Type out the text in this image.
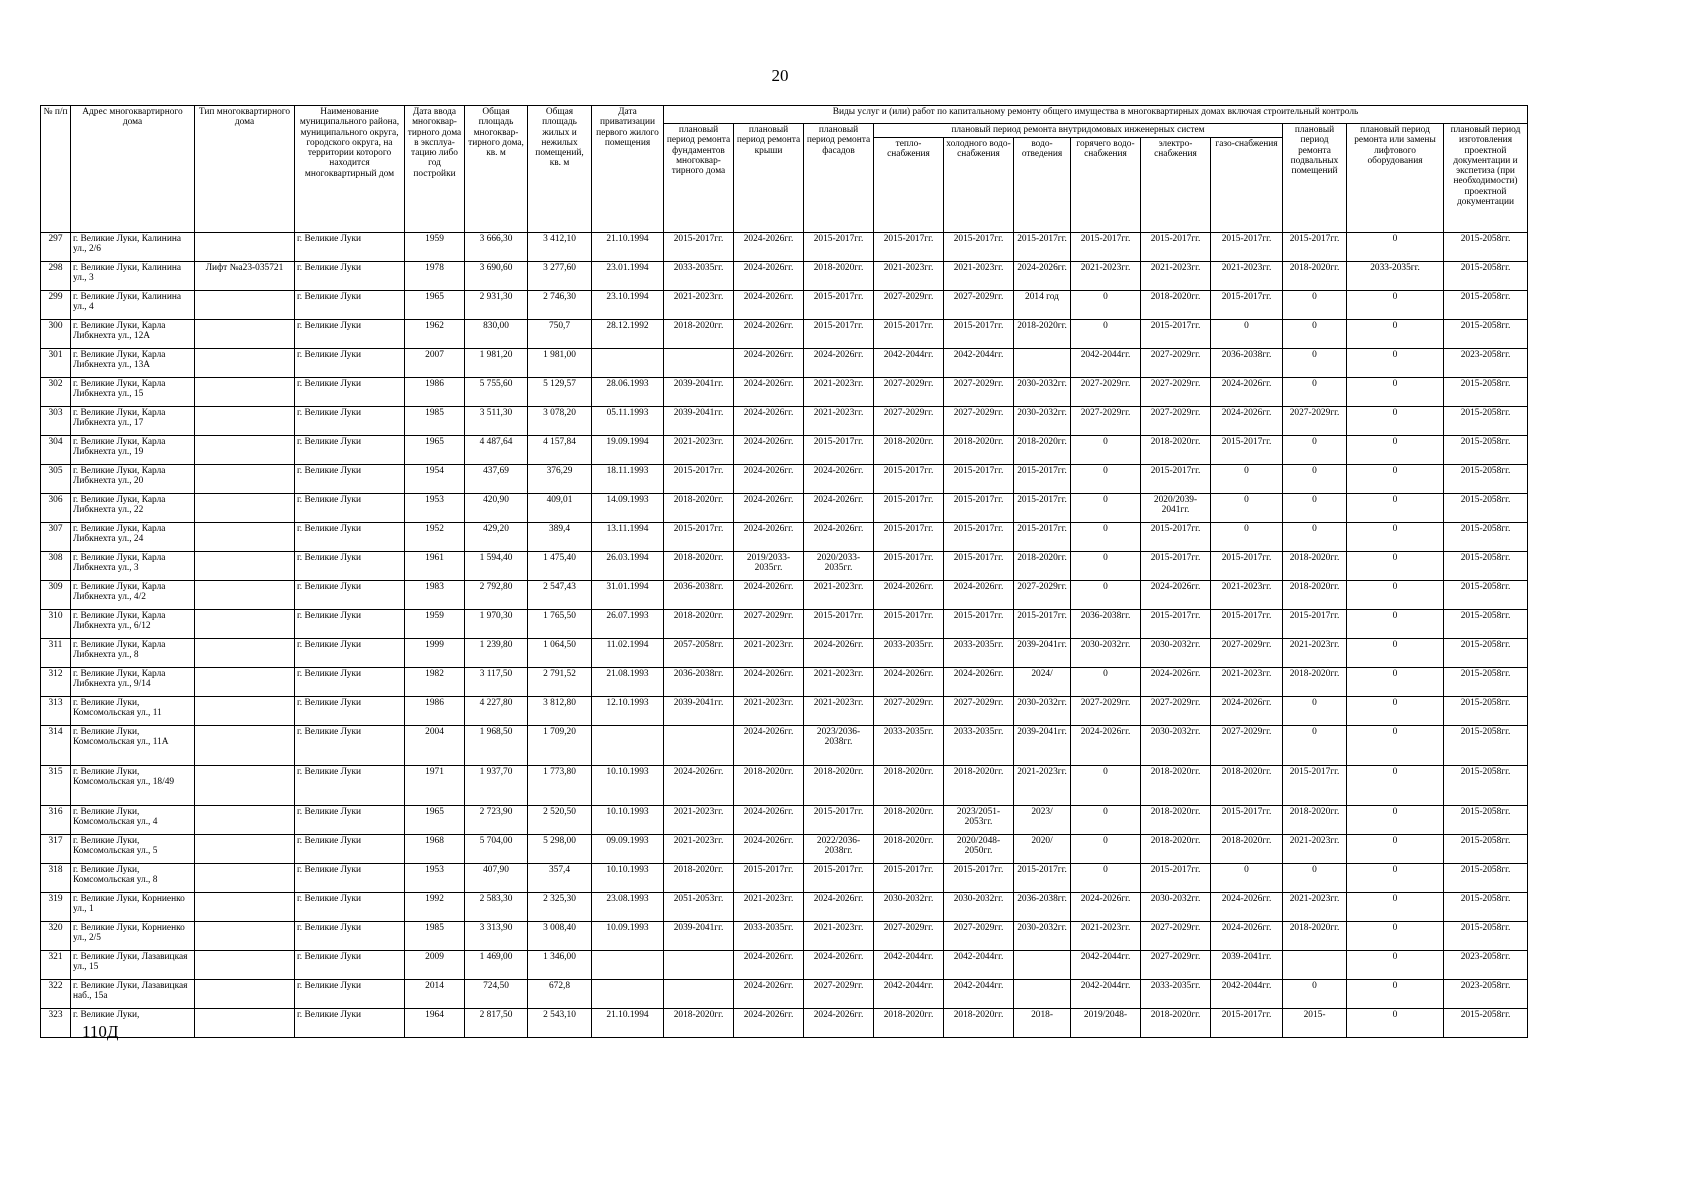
20
№ п/п	Адрес многоквартирного дома	Тип многоквартирного дома	Наименование муниципального района, муниципального округа, городского округа, на территории которого находится многоквартирный дом	Дата ввода многоквар-тирного дома в эксплуа-тацию либо год постройки	Общая площадь многоквар-тирного дома, кв. м	Общая площадь жилых и нежилых помещений, кв. м	Дата приватизации первого жилого помещения	Виды услуг и (или) работ по капитальному ремонту общего имущества в многоквартирных домах включая строительный контроль											
								плановый период ремонта фундаментов многоквар-тирного дома	плановый период ремонта крыши	плановый период ремонта фасадов	плановый период ремонта внутридомовых инженерных систем						плановый период ремонта подвальных помещений	плановый период ремонта или замены лифтового оборудования	плановый период изготовления проектной документации и экспетиза (при необходимости) проектной документации
											тепло-снабжения	холодного водо-снабжения	водо-отведения	горячего водо-снабжения	электро-снабжения	газо-снабжения			
297	г. Великие Луки, Калинина ул., 2/6		г. Великие Луки	1959	3 666,30	3 412,10	21.10.1994	2015-2017гг.	2024-2026гг.	2015-2017гг.	2015-2017гг.	2015-2017гг.	2015-2017гг.	2015-2017гг.	2015-2017гг.	2015-2017гг.	2015-2017гг.	0	2015-2058гг.
298	г. Великие Луки, Калинина ул., 3	Лифт №а23-035721	г. Великие Луки	1978	3 690,60	3 277,60	23.01.1994	2033-2035гг.	2024-2026гг.	2018-2020гг.	2021-2023гг.	2021-2023гг.	2024-2026гг.	2021-2023гг.	2021-2023гг.	2021-2023гг.	2018-2020гг.	2033-2035гг.	2015-2058гг.
299	г. Великие Луки, Калинина ул., 4		г. Великие Луки	1965	2 931,30	2 746,30	23.10.1994	2021-2023гг.	2024-2026гг.	2015-2017гг.	2027-2029гг.	2027-2029гг.	2014 год	0	2018-2020гг.	2015-2017гг.	0	0	2015-2058гг.
300	г. Великие Луки, Карла Либкнехта ул., 12А		г. Великие Луки	1962	830,00	750,7	28.12.1992	2018-2020гг.	2024-2026гг.	2015-2017гг.	2015-2017гг.	2015-2017гг.	2018-2020гг.	0	2015-2017гг.	0	0	0	2015-2058гг.
301	г. Великие Луки, Карла Либкнехта ул., 13А		г. Великие Луки	2007	1 981,20	1 981,00			2024-2026гг.	2024-2026гг.	2042-2044гг.	2042-2044гг.		2042-2044гг.	2027-2029гг.	2036-2038гг.	0	0	2023-2058гг.
302	г. Великие Луки, Карла Либкнехта ул., 15		г. Великие Луки	1986	5 755,60	5 129,57	28.06.1993	2039-2041гг.	2024-2026гг.	2021-2023гг.	2027-2029гг.	2027-2029гг.	2030-2032гг.	2027-2029гг.	2027-2029гг.	2024-2026гг.	0	0	2015-2058гг.
303	г. Великие Луки, Карла Либкнехта ул., 17		г. Великие Луки	1985	3 511,30	3 078,20	05.11.1993	2039-2041гг.	2024-2026гг.	2021-2023гг.	2027-2029гг.	2027-2029гг.	2030-2032гг.	2027-2029гг.	2027-2029гг.	2024-2026гг.	2027-2029гг.	0	2015-2058гг.
304	г. Великие Луки, Карла Либкнехта ул., 19		г. Великие Луки	1965	4 487,64	4 157,84	19.09.1994	2021-2023гг.	2024-2026гг.	2015-2017гг.	2018-2020гг.	2018-2020гг.	2018-2020гг.	0	2018-2020гг.	2015-2017гг.	0	0	2015-2058гг.
305	г. Великие Луки, Карла Либкнехта ул., 20		г. Великие Луки	1954	437,69	376,29	18.11.1993	2015-2017гг.	2024-2026гг.	2024-2026гг.	2015-2017гг.	2015-2017гг.	2015-2017гг.	0	2015-2017гг.	0	0	0	2015-2058гг.
306	г. Великие Луки, Карла Либкнехта ул., 22		г. Великие Луки	1953	420,90	409,01	14.09.1993	2018-2020гг.	2024-2026гг.	2024-2026гг.	2015-2017гг.	2015-2017гг.	2015-2017гг.	0	2020/2039-2041гг.	0	0	0	2015-2058гг.
307	г. Великие Луки, Карла Либкнехта ул., 24		г. Великие Луки	1952	429,20	389,4	13.11.1994	2015-2017гг.	2024-2026гг.	2024-2026гг.	2015-2017гг.	2015-2017гг.	2015-2017гг.	0	2015-2017гг.	0	0	0	2015-2058гг.
308	г. Великие Луки, Карла Либкнехта ул., 3		г. Великие Луки	1961	1 594,40	1 475,40	26.03.1994	2018-2020гг.	2019/2033-2035гг.	2020/2033-2035гг.	2015-2017гг.	2015-2017гг.	2018-2020гг.	0	2015-2017гг.	2015-2017гг.	2018-2020гг.	0	2015-2058гг.
309	г. Великие Луки, Карла Либкнехта ул., 4/2		г. Великие Луки	1983	2 792,80	2 547,43	31.01.1994	2036-2038гг.	2024-2026гг.	2021-2023гг.	2024-2026гг.	2024-2026гг.	2027-2029гг.	0	2024-2026гг.	2021-2023гг.	2018-2020гг.	0	2015-2058гг.
310	г. Великие Луки, Карла Либкнехта ул., 6/12		г. Великие Луки	1959	1 970,30	1 765,50	26.07.1993	2018-2020гг.	2027-2029гг.	2015-2017гг.	2015-2017гг.	2015-2017гг.	2015-2017гг.	2036-2038гг.	2015-2017гг.	2015-2017гг.	2015-2017гг.	0	2015-2058гг.
311	г. Великие Луки, Карла Либкнехта ул., 8		г. Великие Луки	1999	1 239,80	1 064,50	11.02.1994	2057-2058гг.	2021-2023гг.	2024-2026гг.	2033-2035гг.	2033-2035гг.	2039-2041гг.	2030-2032гг.	2030-2032гг.	2027-2029гг.	2021-2023гг.	0	2015-2058гг.
312	г. Великие Луки, Карла Либкнехта ул., 9/14		г. Великие Луки	1982	3 117,50	2 791,52	21.08.1993	2036-2038гг.	2024-2026гг.	2021-2023гг.	2024-2026гг.	2024-2026гг.	2024/	0	2024-2026гг.	2021-2023гг.	2018-2020гг.	0	2015-2058гг.
313	г. Великие Луки, Комсомольская ул., 11		г. Великие Луки	1986	4 227,80	3 812,80	12.10.1993	2039-2041гг.	2021-2023гг.	2021-2023гг.	2027-2029гг.	2027-2029гг.	2030-2032гг.	2027-2029гг.	2027-2029гг.	2024-2026гг.	0	0	2015-2058гг.
314	г. Великие Луки, Комсомольская ул., 11А		г. Великие Луки	2004	1 968,50	1 709,20			2024-2026гг.	2023/2036-2038гг.	2033-2035гг.	2033-2035гг.	2039-2041гг.	2024-2026гг.	2030-2032гг.	2027-2029гг.	0	0	2015-2058гг.
315	г. Великие Луки, Комсомольская ул., 18/49		г. Великие Луки	1971	1 937,70	1 773,80	10.10.1993	2024-2026гг.	2018-2020гг.	2018-2020гг.	2018-2020гг.	2018-2020гг.	2021-2023гг.	0	2018-2020гг.	2018-2020гг.	2015-2017гг.	0	2015-2058гг.
316	г. Великие Луки, Комсомольская ул., 4		г. Великие Луки	1965	2 723,90	2 520,50	10.10.1993	2021-2023гг.	2024-2026гг.	2015-2017гг.	2018-2020гг.	2023/2051-2053гг.	2023/	0	2018-2020гг.	2015-2017гг.	2018-2020гг.	0	2015-2058гг.
317	г. Великие Луки, Комсомольская ул., 5		г. Великие Луки	1968	5 704,00	5 298,00	09.09.1993	2021-2023гг.	2024-2026гг.	2022/2036-2038гг.	2018-2020гг.	2020/2048-2050гг.	2020/	0	2018-2020гг.	2018-2020гг.	2021-2023гг.	0	2015-2058гг.
318	г. Великие Луки, Комсомольская ул., 8		г. Великие Луки	1953	407,90	357,4	10.10.1993	2018-2020гг.	2015-2017гг.	2015-2017гг.	2015-2017гг.	2015-2017гг.	2015-2017гг.	0	2015-2017гг.	0	0	0	2015-2058гг.
319	г. Великие Луки, Корниенко ул., 1		г. Великие Луки	1992	2 583,30	2 325,30	23.08.1993	2051-2053гг.	2021-2023гг.	2024-2026гг.	2030-2032гг.	2030-2032гг.	2036-2038гг.	2024-2026гг.	2030-2032гг.	2024-2026гг.	2021-2023гг.	0	2015-2058гг.
320	г. Великие Луки, Корниенко ул., 2/5		г. Великие Луки	1985	3 313,90	3 008,40	10.09.1993	2039-2041гг.	2033-2035гг.	2021-2023гг.	2027-2029гг.	2027-2029гг.	2030-2032гг.	2021-2023гг.	2027-2029гг.	2024-2026гг.	2018-2020гг.	0	2015-2058гг.
321	г. Великие Луки, Лазавицкая ул., 15		г. Великие Луки	2009	1 469,00	1 346,00			2024-2026гг.	2024-2026гг.	2042-2044гг.	2042-2044гг.		2042-2044гг.	2027-2029гг.	2039-2041гг.		0	2023-2058гг.
322	г. Великие Луки, Лазавицкая наб., 15а		г. Великие Луки	2014	724,50	672,8			2024-2026гг.	2027-2029гг.	2042-2044гг.	2042-2044гг.		2042-2044гг.	2033-2035гг.	2042-2044гг.	0	0	2023-2058гг.
323	г. Великие Луки,		г. Великие Луки	1964	2 817,50	2 543,10	21.10.1994	2018-2020гг.	2024-2026гг.	2024-2026гг.	2018-2020гг.	2018-2020гг.	2018-	2019/2048-	2018-2020гг.	2015-2017гг.	2015-	0	2015-2058гг.
110Д
